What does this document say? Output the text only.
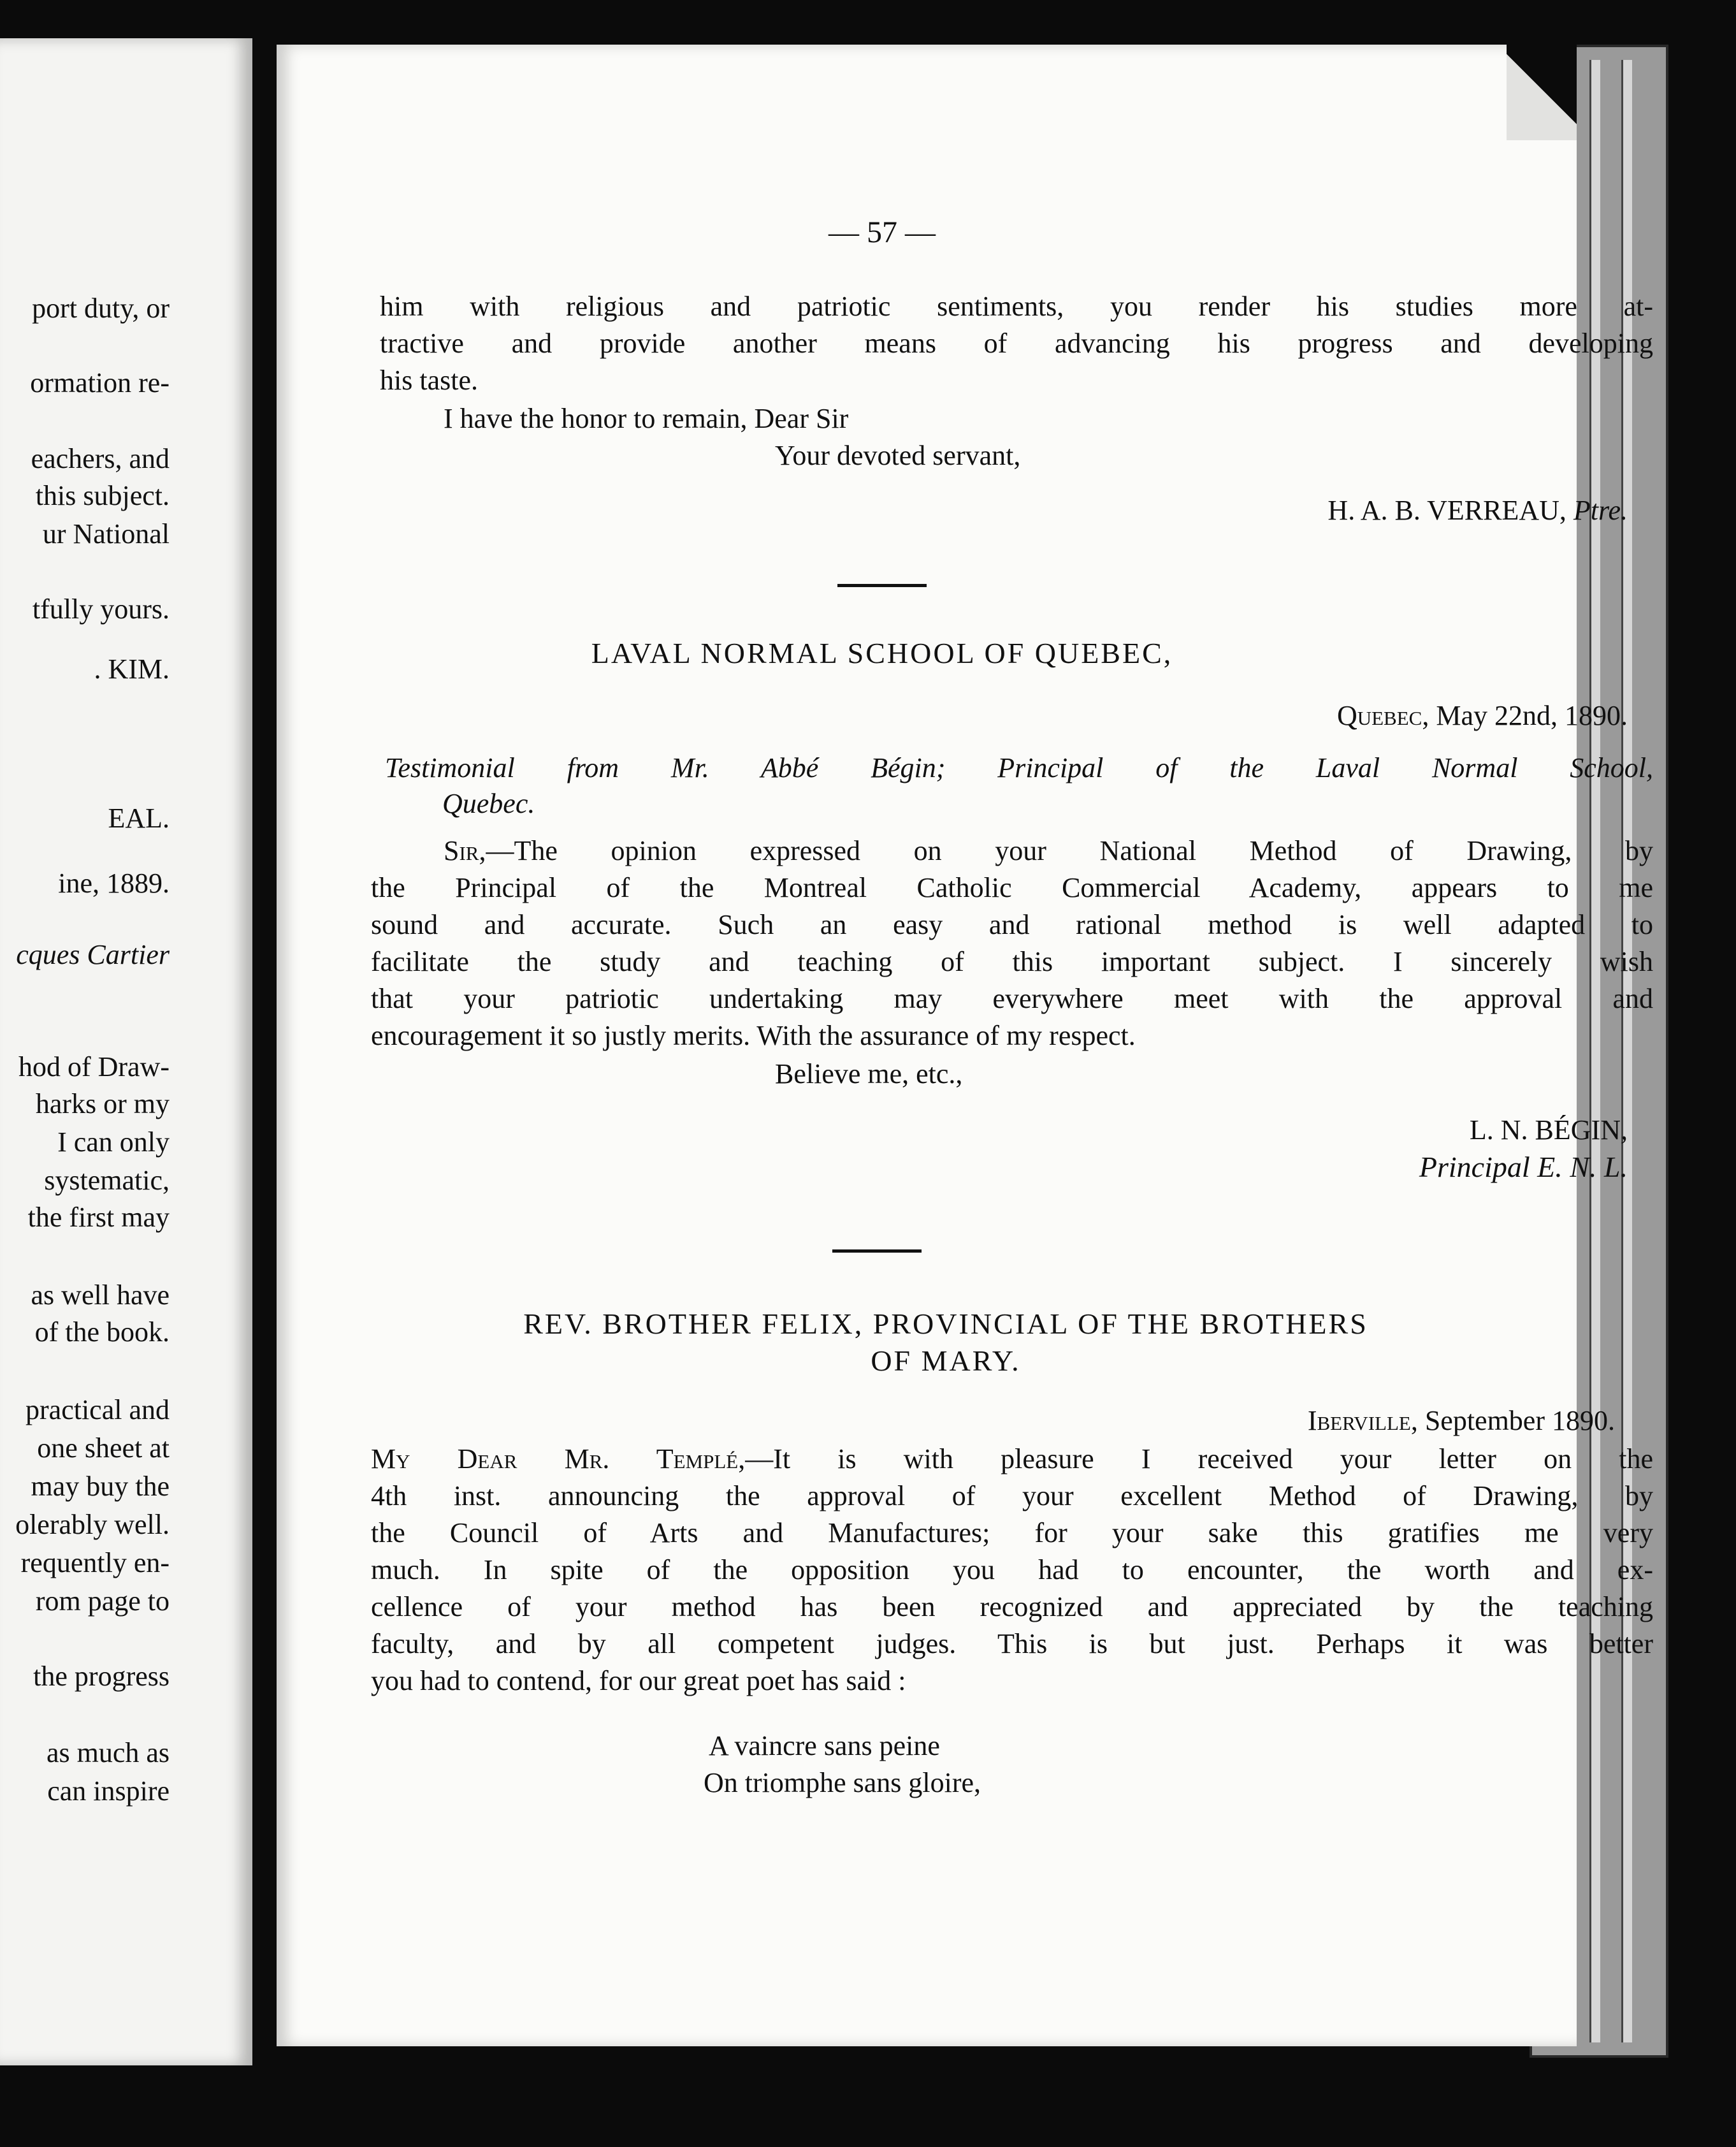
port duty, or
ormation re-
eachers, and
this subject.
ur National
tfully yours.
. KIM.
EAL.
ine, 1889.
cques Cartier
hod of Draw-
harks or my
I can only
systematic,
the first may
as well have
of the book.
practical and
one sheet at
may buy the
olerably well.
requently en-
rom page to
the progress
as much as
can inspire
— 57 —
him with religious and patriotic sentiments, you render his studies more at-
tractive and provide another means of advancing his progress and developing
his taste.
I have the honor to remain, Dear Sir
Your devoted servant,
H. A. B. VERREAU, Ptre.
LAVAL NORMAL SCHOOL OF QUEBEC,
Quebec, May 22nd, 1890.
Testimonial from Mr. Abbé Bégin; Principal of the Laval Normal School,
Quebec.
Sir,—The opinion expressed on your National Method of Drawing, by
the Principal of the Montreal Catholic Commercial Academy, appears to me
sound and accurate. Such an easy and rational method is well adapted to
facilitate the study and teaching of this important subject. I sincerely wish
that your patriotic undertaking may everywhere meet with the approval and
encouragement it so justly merits. With the assurance of my respect.
Believe me, etc.,
L. N. BÉGIN,
Principal E. N. L.
REV. BROTHER FELIX, PROVINCIAL OF THE BROTHERS
OF MARY.
Iberville, September 1890.
My Dear Mr. Templé,—It is with pleasure I received your letter on the
4th inst. announcing the approval of your excellent Method of Drawing, by
the Council of Arts and Manufactures; for your sake this gratifies me very
much. In spite of the opposition you had to encounter, the worth and ex-
cellence of your method has been recognized and appreciated by the teaching
faculty, and by all competent judges. This is but just. Perhaps it was better
you had to contend, for our great poet has said :
A vaincre sans peine
On triomphe sans gloire,
